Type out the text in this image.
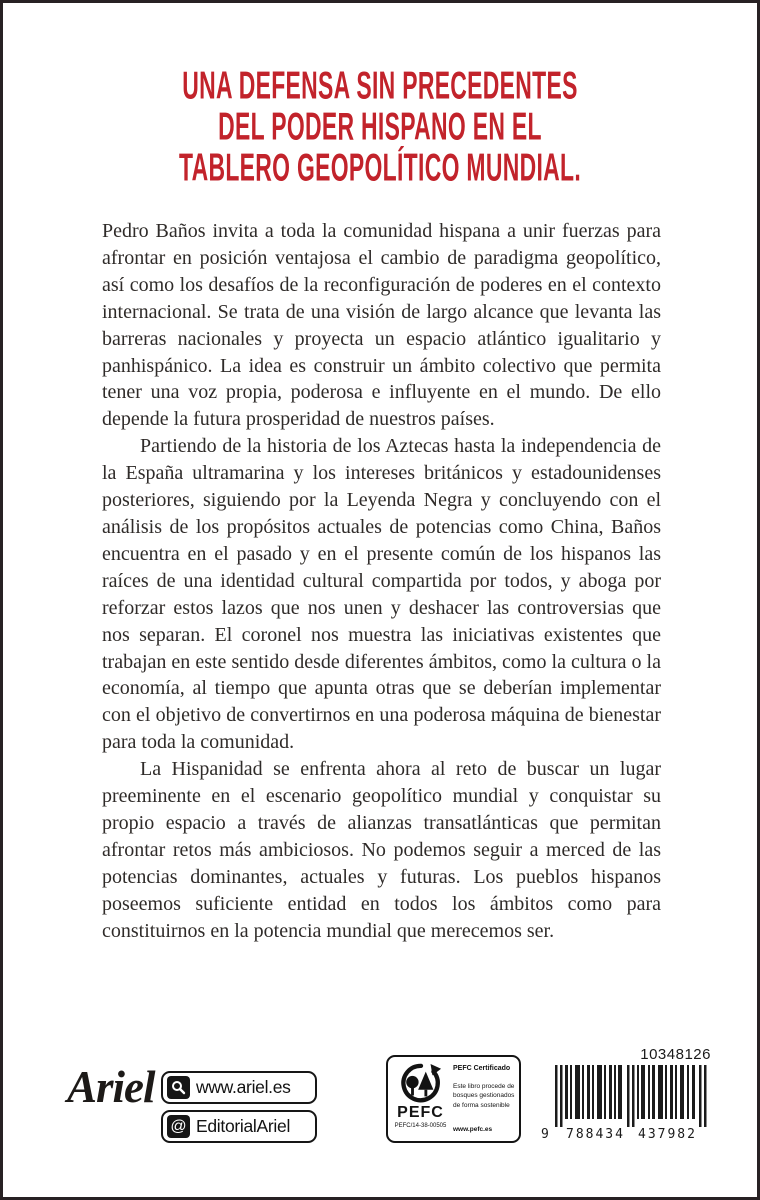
UNA DEFENSA SIN PRECEDENTES
DEL PODER HISPANO EN EL
TABLERO GEOPOLÍTICO MUNDIAL.

Pedro Baños invita a toda la comunidad hispana a unir fuerzas para afrontar en posición ventajosa el cambio de paradigma geopolítico, así como los desafíos de la reconfiguración de poderes en el contexto internacional. Se trata de una visión de largo alcance que levanta las barreras nacionales y proyecta un espacio atlántico igualitario y panhispánico. La idea es construir un ámbito colectivo que permita tener una voz propia, poderosa e influyente en el mundo. De ello depende la futura prosperidad de nuestros países.

Partiendo de la historia de los Aztecas hasta la independencia de la España ultramarina y los intereses británicos y estadounidenses posteriores, siguiendo por la Leyenda Negra y concluyendo con el análisis de los propósitos actuales de potencias como China, Baños encuentra en el pasado y en el presente común de los hispanos las raíces de una identidad cultural compartida por todos, y aboga por reforzar estos lazos que nos unen y deshacer las controversias que nos separan. El coronel nos muestra las iniciativas existentes que trabajan en este sentido desde diferentes ámbitos, como la cultura o la economía, al tiempo que apunta otras que se deberían implementar con el objetivo de convertirnos en una poderosa máquina de bienestar para toda la comunidad.

La Hispanidad se enfrenta ahora al reto de buscar un lugar preeminente en el escenario geopolítico mundial y conquistar su propio espacio a través de alianzas transatlánticas que permitan afrontar retos más ambiciosos. No podemos seguir a merced de las potencias dominantes, actuales y futuras. Los pueblos hispanos poseemos suficiente entidad en todos los ámbitos como para constituirnos en la potencia mundial que merecemos ser.

Ariel www.ariel.es
@ EditorialAriel
PEFC
PEFC/14-38-00505
PEFC Certificado
Este libro procede de bosques gestionados de forma sostenible
www.pefc.es
10348126
9 788434 437982
